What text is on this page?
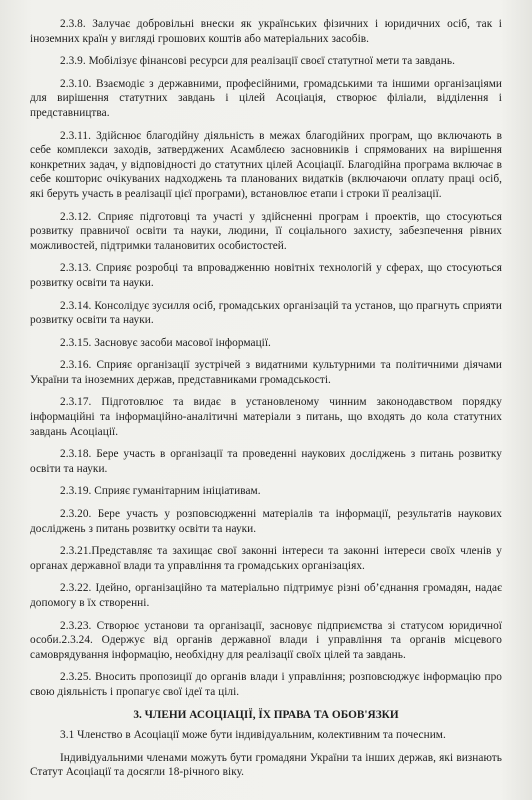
2.3.8. Залучає добровільні внески як українських фізичних і юридичних осіб, так і іноземних країн у вигляді грошових коштів або матеріальних засобів.

2.3.9. Мобілізує фінансові ресурси для реалізації своєї статутної мети та завдань.

2.3.10. Взаємодіє з державними, професійними, громадськими та іншими організаціями для вирішення статутних завдань і цілей Асоціація, створює філіали, відділення і представництва.

2.3.11. Здійснює благодійну діяльність в межах благодійних програм, що включають в себе комплекси заходів, затверджених Асамблеєю засновників і спрямованих на вирішення конкретних задач, у відповідності до статутних цілей Асоціації. Благодійна програма включає в себе кошторис очікуваних надходжень та планованих видатків (включаючи оплату праці осіб, які беруть участь в реалізації цієї програми), встановлює етапи і строки її реалізації.

2.3.12. Сприяє підготовці та участі у здійсненні програм і проектів, що стосуються розвитку правничої освіти та науки, людини, її соціального захисту, забезпечення рівних можливостей, підтримки талановитих особистостей.

2.3.13. Сприяє розробці та впровадженню новітніх технологій у сферах, що стосуються розвитку освіти та науки.

2.3.14. Консолідує зусилля осіб, громадських організацій та установ, що прагнуть сприяти розвитку освіти та науки.

2.3.15. Засновує засоби масової інформації.

2.3.16. Сприяє організації зустрічей з видатними культурними та політичними діячами України та іноземних держав, представниками громадськості.

2.3.17. Підготовлює та видає в установленому чинним законодавством порядку інформаційні та інформаційно-аналітичні матеріали з питань, що входять до кола статутних завдань Асоціації.

2.3.18. Бере участь в організації та проведенні наукових досліджень з питань розвитку освіти та науки.

2.3.19. Сприяє гуманітарним ініціативам.

2.3.20. Бере участь у розповсюдженні матеріалів та інформації, результатів наукових досліджень з питань розвитку освіти та науки.

2.3.21.Представляє та захищає свої законні інтереси та законні інтереси своїх членів у органах державної влади та управління та громадських організаціях.

2.3.22. Ідейно, організаційно та матеріально підтримує різні об’єднання громадян, надає допомогу в їх створенні.

2.3.23. Створює установи та організації, засновує підприємства зі статусом юридичної особи.2.3.24. Одержує від органів державної влади і управління та органів місцевого самоврядування інформацію, необхідну для реалізації своїх цілей та завдань.

2.3.25. Вносить пропозиції до органів влади і управління; розповсюджує інформацію про свою діяльність і пропагує свої ідеї та цілі.

3. ЧЛЕНИ АСОЦІАЦІЇ, ЇХ ПРАВА ТА ОБОВ'ЯЗКИ

3.1 Членство в Асоціації може бути індивідуальним, колективним та почесним.

Індивідуальними членами можуть бути громадяни України та інших держав, які визнають Статут Асоціації та досягли 18-річного віку.
